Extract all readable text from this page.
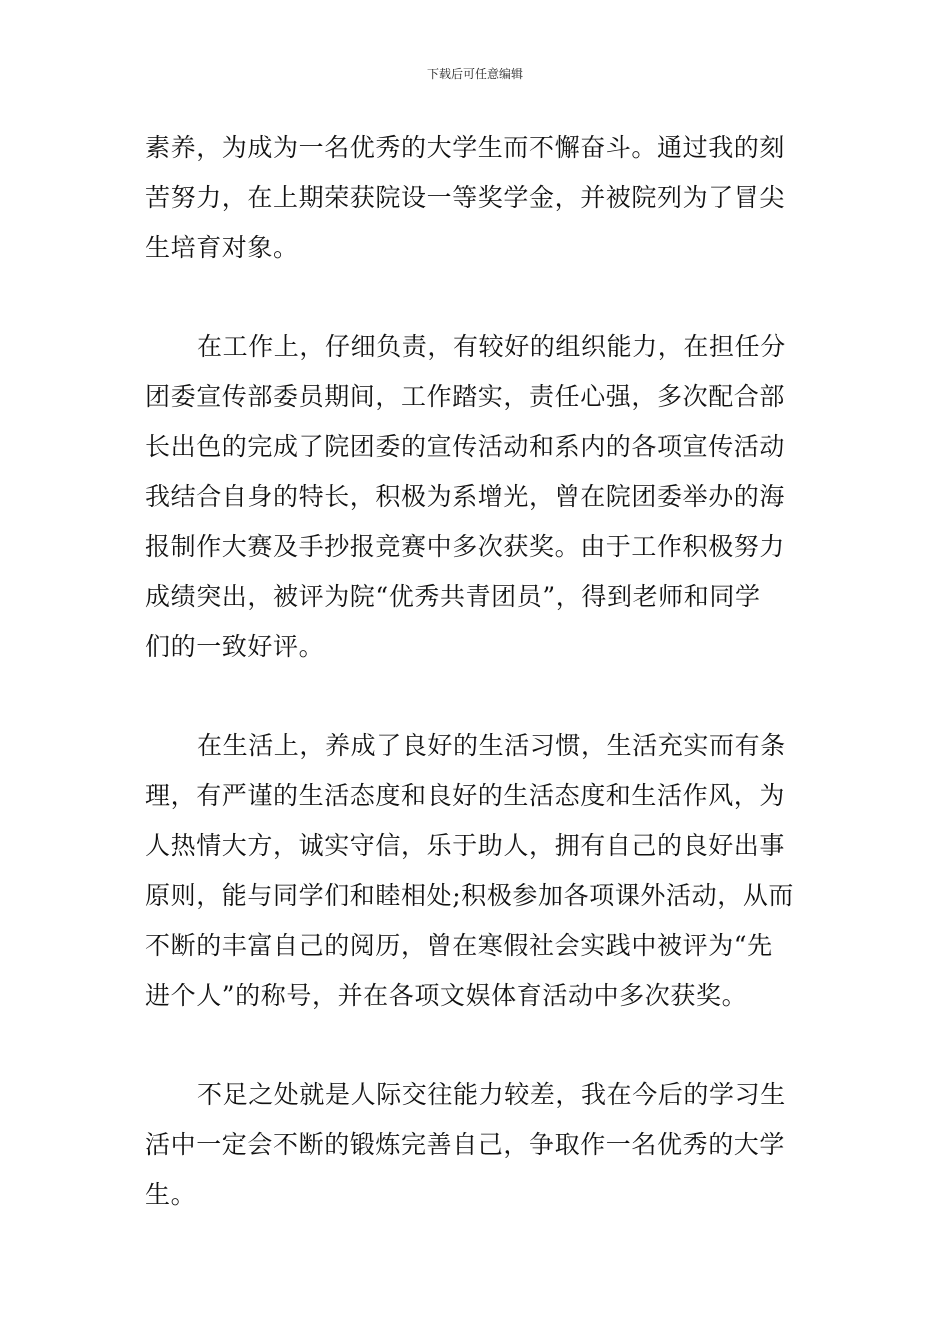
下载后可任意编辑

素养，为成为一名优秀的大学生而不懈奋斗。通过我的刻
苦努力，在上期荣获院设一等奖学金，并被院列为了冒尖
生培育对象。

在工作上，仔细负责，有较好的组织能力，在担任分
团委宣传部委员期间，工作踏实，责任心强，多次配合部
长出色的完成了院团委的宣传活动和系内的各项宣传活动
我结合自身的特长，积极为系增光，曾在院团委举办的海
报制作大赛及手抄报竞赛中多次获奖。由于工作积极努力
成绩突出，被评为院“优秀共青团员”，得到老师和同学
们的一致好评。

在生活上，养成了良好的生活习惯，生活充实而有条
理，有严谨的生活态度和良好的生活态度和生活作风，为
人热情大方，诚实守信，乐于助人，拥有自己的良好出事
原则，能与同学们和睦相处;积极参加各项课外活动，从而
不断的丰富自己的阅历，曾在寒假社会实践中被评为“先
进个人”的称号，并在各项文娱体育活动中多次获奖。

不足之处就是人际交往能力较差，我在今后的学习生
活中一定会不断的锻炼完善自己，争取作一名优秀的大学
生。
